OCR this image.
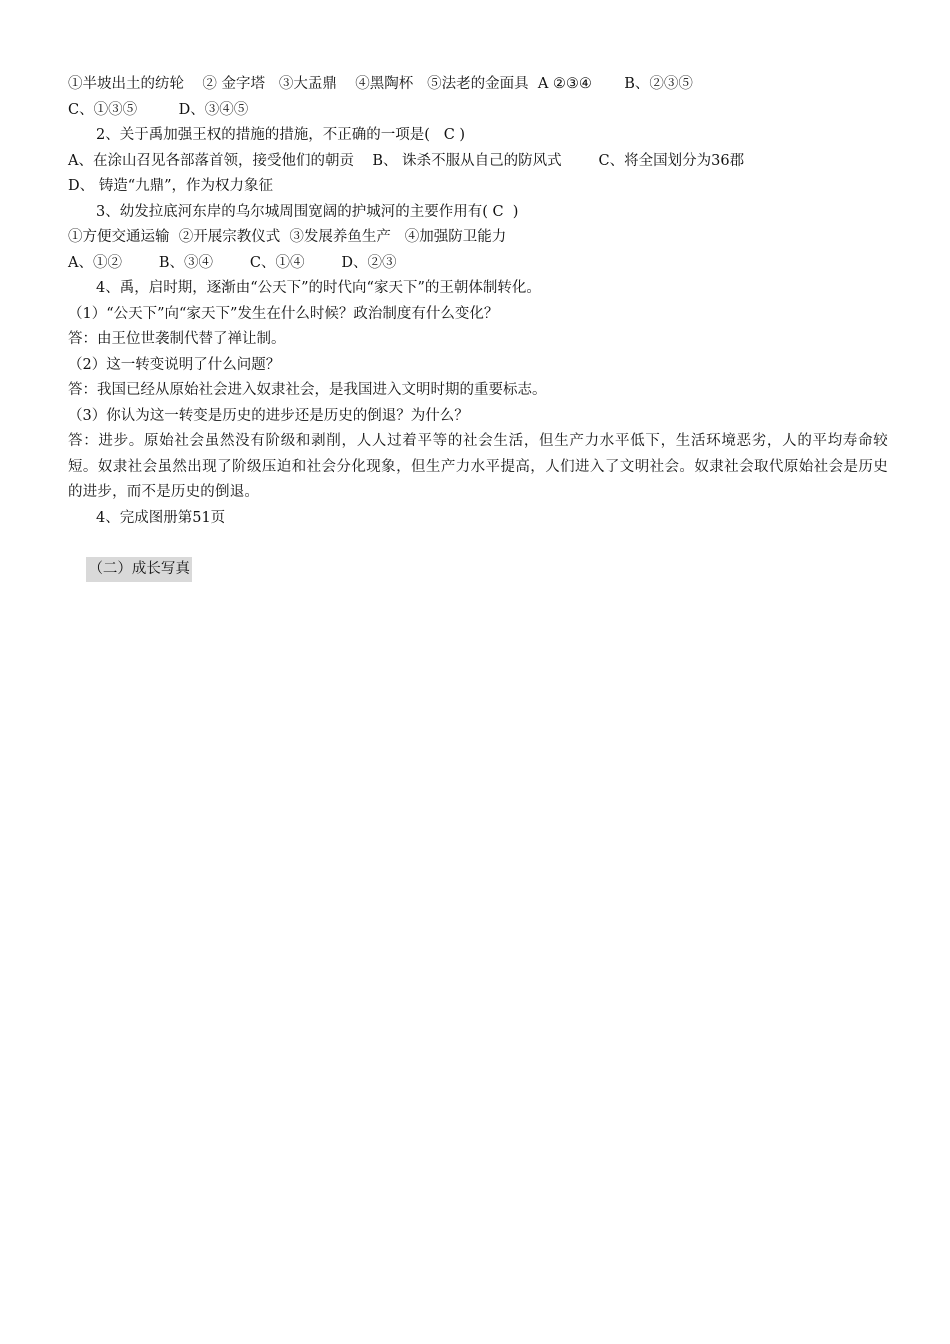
①半坡出土的纺轮    ② 金字塔   ③大盂鼎    ④黑陶杯   ⑤法老的金面具  A ②③④       B、②③⑤
C、①③⑤         D、③④⑤
2、关于禹加强王权的措施的措施，不正确的一项是(   C )
A、在涂山召见各部落首领，接受他们的朝贡    B、 诛杀不服从自己的防风式        C、将全国划分为36郡
D、 铸造“九鼎”，作为权力象征
3、幼发拉底河东岸的乌尔城周围宽阔的护城河的主要作用有( C  )
①方便交通运输  ②开展宗教仪式  ③发展养鱼生产   ④加强防卫能力
A、①②        B、③④        C、①④        D、②③
4、禹，启时期，逐渐由“公天下”的时代向“家天下”的王朝体制转化。
（1）“公天下”向“家天下”发生在什么时候？政治制度有什么变化？
答：由王位世袭制代替了禅让制。
（2）这一转变说明了什么问题？
答：我国已经从原始社会进入奴隶社会，是我国进入文明时期的重要标志。
（3）你认为这一转变是历史的进步还是历史的倒退？为什么？
答：进步。原始社会虽然没有阶级和剥削，人人过着平等的社会生活，但生产力水平低下，生活环境恶劣，人的平均寿命较短。奴隶社会虽然出现了阶级压迫和社会分化现象，但生产力水平提高，人们进入了文明社会。奴隶社会取代原始社会是历史的进步，而不是历史的倒退。
4、完成图册第51页

（二）成长写真
